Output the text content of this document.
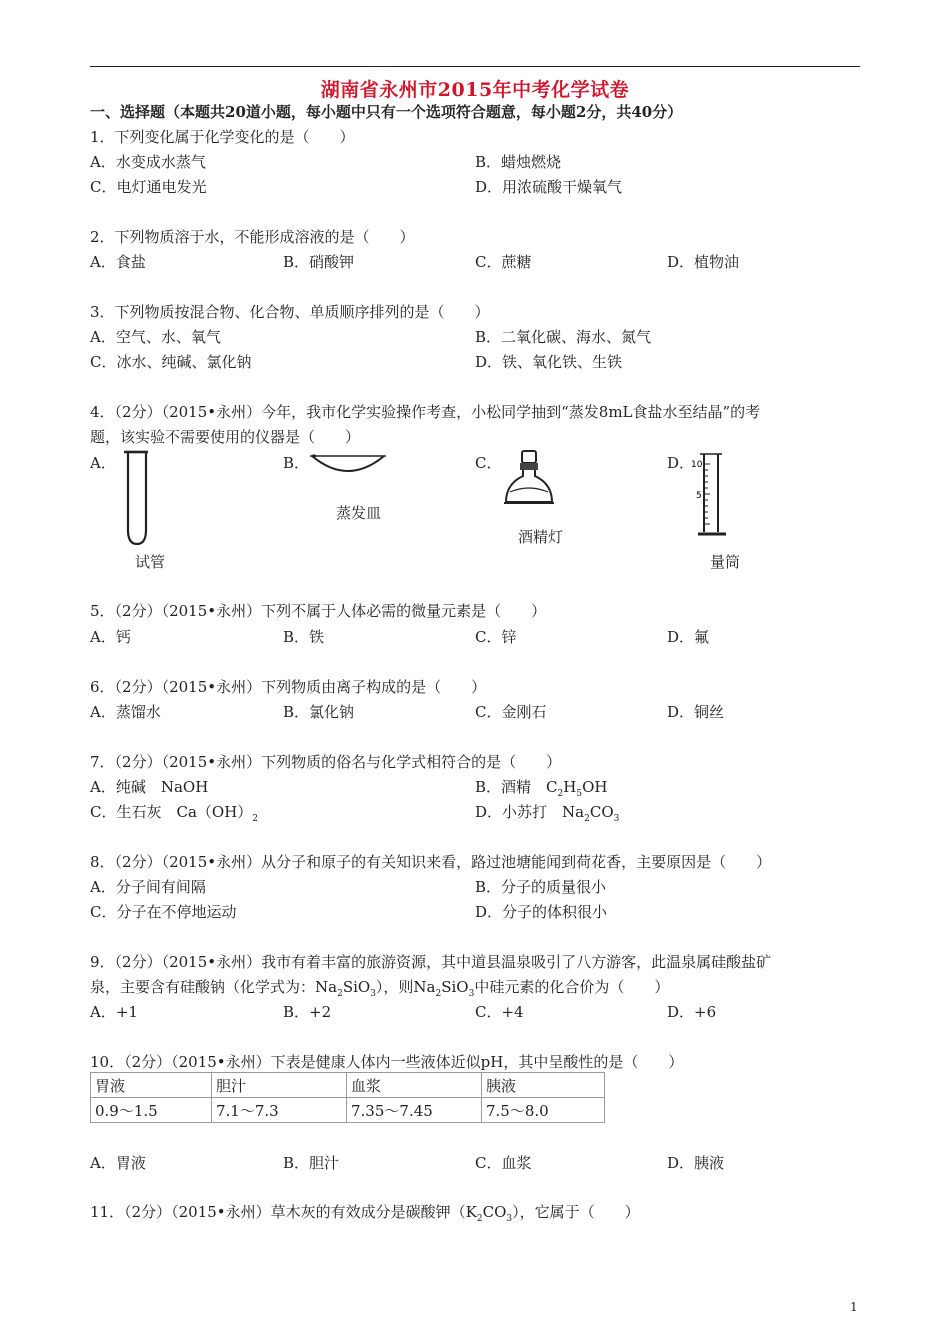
湖南省永州市2015年中考化学试卷
一、选择题（本题共20道小题，每小题中只有一个选项符合题意，每小题2分，共40分）
1．下列变化属于化学变化的是（　　）
A．水变成水蒸气	B．蜡烛燃烧
C．电灯通电发光	D．用浓硫酸干燥氧气
2．下列物质溶于水，不能形成溶液的是（　　）
A．食盐	B．硝酸钾	C．蔗糖	D．植物油
3．下列物质按混合物、化合物、单质顺序排列的是（　　）
A．空气、水、氧气	B．二氧化碳、海水、氮气
C．冰水、纯碱、氯化钠	D．铁、氧化铁、生铁
4．（2分）（2015•永州）今年，我市化学实验操作考查，小松同学抽到“蒸发8mL食盐水至结晶”的考
题，该实验不需要使用的仪器是（　　）
A．	B．	C．	D．
试管
蒸发皿
酒精灯
10
5
量筒
5．（2分）（2015•永州）下列不属于人体必需的微量元素是（　　）
A．钙	B．铁	C．锌	D．氟
6．（2分）（2015•永州）下列物质由离子构成的是（　　）
A．蒸馏水	B．氯化钠	C．金刚石	D．铜丝
7．（2分）（2015•永州）下列物质的俗名与化学式相符合的是（　　）
A．纯碱　NaOH	B．酒精　$C_2H_5OH$
C．生石灰　$Ca(OH)_2$	D．小苏打　$Na_2CO_3$
8．（2分）（2015•永州）从分子和原子的有关知识来看，路过池塘能闻到荷花香，主要原因是（　　）
A．分子间有间隔	B．分子的质量很小
C．分子在不停地运动	D．分子的体积很小
9．（2分）（2015•永州）我市有着丰富的旅游资源，其中道县温泉吸引了八方游客，此温泉属硅酸盐矿
泉，主要含有硅酸钠（化学式为：$Na_2SiO_3$），则$Na_2SiO_3$中硅元素的化合价为（　　）
A．+1	B．+2	C．+4	D．+6
10．（2分）（2015•永州）下表是健康人体内一些液体近似pH，其中呈酸性的是（　　）
胃液	胆汁	血浆	胰液
0.9～1.5	7.1～7.3	7.35～7.45	7.5～8.0
A．胃液	B．胆汁	C．血浆	D．胰液
11．（2分）（2015•永州）草木灰的有效成分是碳酸钾$(K_2CO_3)$，它属于（　　）
1
